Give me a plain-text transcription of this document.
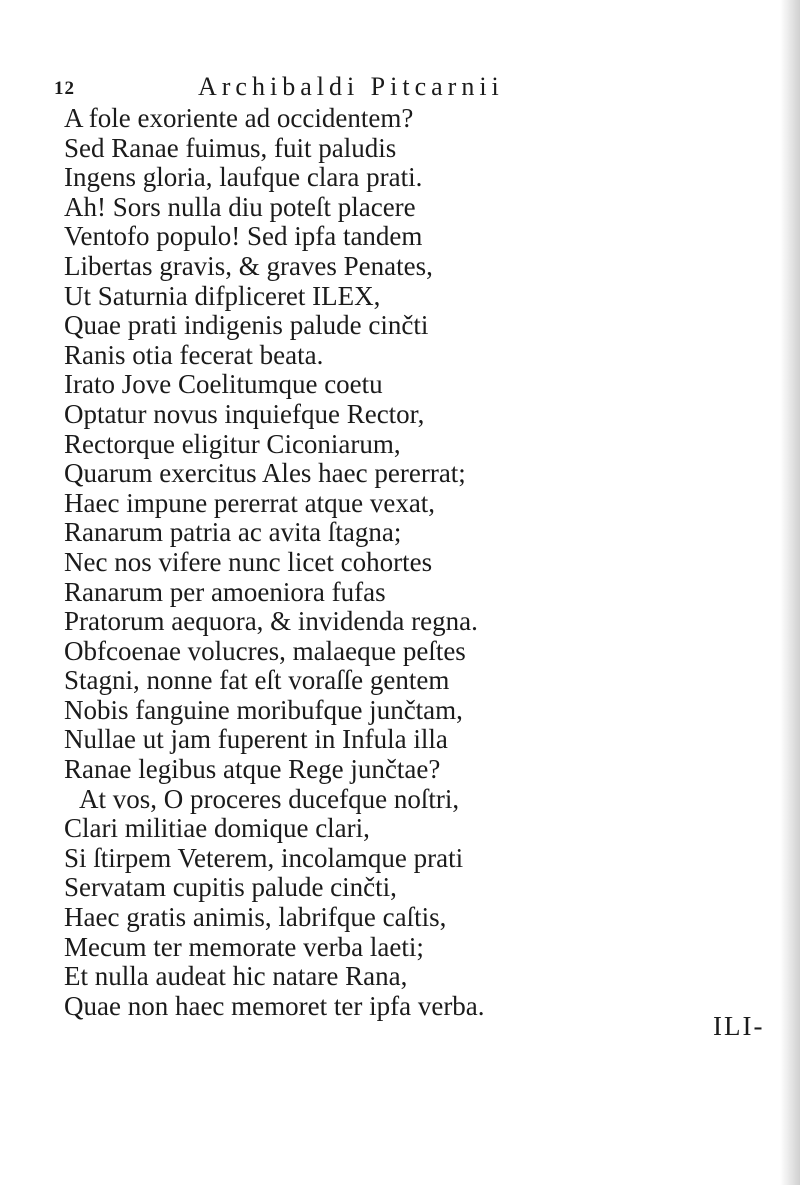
12	Archibaldi Pitcarnii
A fole exoriente ad occidentem?
Sed Ranae fuimus, fuit paludis
Ingens gloria, laufque clara prati.
Ah! Sors nulla diu poteſt placere
Ventofo populo! Sed ipfa tandem
Libertas gravis, & graves Penates,
Ut Saturnia difpliceret ILEX,
Quae prati indigenis palude cinčti
Ranis otia fecerat beata.
Irato Jove Coelitumque coetu
Optatur novus inquiefque Rector,
Rectorque eligitur Ciconiarum,
Quarum exercitus Ales haec pererrat;
Haec impune pererrat atque vexat,
Ranarum patria ac avita ſtagna;
Nec nos vifere nunc licet cohortes
Ranarum per amoeniora fufas
Pratorum aequora, & invidenda regna.
Obfcoenae volucres, malaeque peſtes
Stagni, nonne fat eſt voraſſe gentem
Nobis fanguine moribufque junčtam,
Nullae ut jam fuperent in Infula illa
Ranae legibus atque Rege junčtae?
At vos, O proceres ducefque noſtri,
Clari militiae domique clari,
Si ſtirpem Veterem, incolamque prati
Servatam cupitis palude cinčti,
Haec gratis animis, labrifque caſtis,
Mecum ter memorate verba laeti;
Et nulla audeat hic natare Rana,
Quae non haec memoret ter ipfa verba.
ILI-
